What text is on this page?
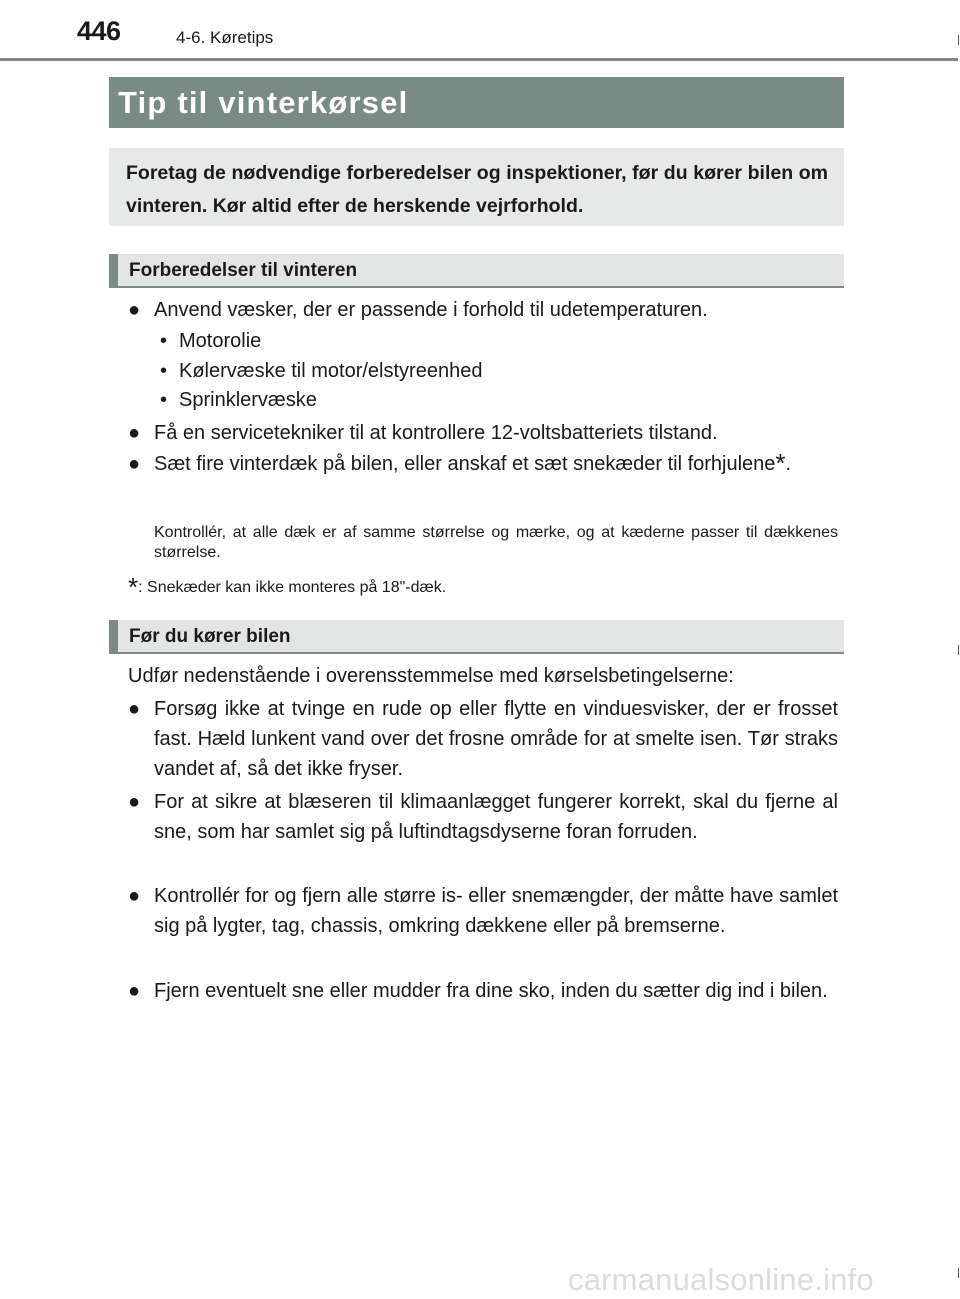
446	4-6. Køretips
Tip til vinterkørsel
Foretag de nødvendige forberedelser og inspektioner, før du kører bilen om vinteren. Kør altid efter de herskende vejrforhold.
Forberedelser til vinteren
● Anvend væsker, der er passende i forhold til udetemperaturen.
• Motorolie
• Kølervæske til motor/elstyreenhed
• Sprinklervæske
● Få en servicetekniker til at kontrollere 12-voltsbatteriets tilstand.
● Sæt fire vinterdæk på bilen, eller anskaf et sæt snekæder til forhjulene*.
Kontrollér, at alle dæk er af samme størrelse og mærke, og at kæderne passer til dækkenes størrelse.
*: Snekæder kan ikke monteres på 18"-dæk.
Før du kører bilen
Udfør nedenstående i overensstemmelse med kørselsbetingelserne:
● Forsøg ikke at tvinge en rude op eller flytte en vinduesvisker, der er frosset fast. Hæld lunkent vand over det frosne område for at smelte isen. Tør straks vandet af, så det ikke fryser.
● For at sikre at blæseren til klimaanlægget fungerer korrekt, skal du fjerne al sne, som har samlet sig på luftindtagsdyserne foran forruden.
● Kontrollér for og fjern alle større is- eller snemængder, der måtte have samlet sig på lygter, tag, chassis, omkring dækkene eller på bremserne.
● Fjern eventuelt sne eller mudder fra dine sko, inden du sætter dig ind i bilen.
carmanualsonline.info
